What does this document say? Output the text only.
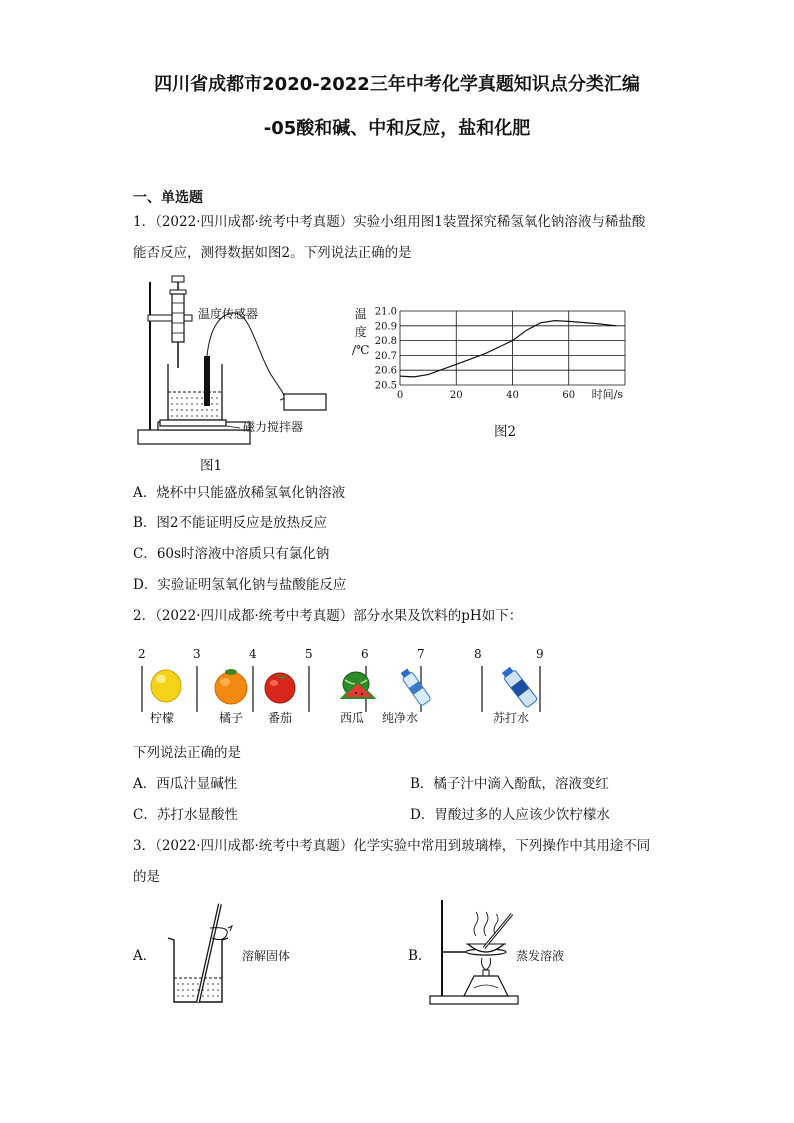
四川省成都市2020-2022三年中考化学真题知识点分类汇编
-05酸和碱、中和反应，盐和化肥
一、单选题
1．（2022·四川成都·统考中考真题）实验小组用图1装置探究稀氢氧化钠溶液与稀盐酸
能否反应，测得数据如图2。下列说法正确的是
温度传感器
磁力搅拌器
图1
温
度
/℃
20.5
20.6
20.7
20.8
20.9
21.0
0	20	40	60 时间/s
图2
A．烧杯中只能盛放稀氢氧化钠溶液
B．图2不能证明反应是放热反应
C．60s时溶液中溶质只有氯化钠
D．实验证明氢氧化钠与盐酸能反应
2．（2022·四川成都·统考中考真题）部分水果及饮料的pH如下：
2	3	4	5	6	7	8	9
柠檬	橘子 番茄	西瓜 纯净水	苏打水
下列说法正确的是
A．西瓜汁显碱性	B．橘子汁中滴入酚酞，溶液变红
C．苏打水显酸性	D．胃酸过多的人应该少饮柠檬水
3．（2022·四川成都·统考中考真题）化学实验中常用到玻璃棒，下列操作中其用途不同
的是
A．	溶解固体	B．	蒸发溶液
